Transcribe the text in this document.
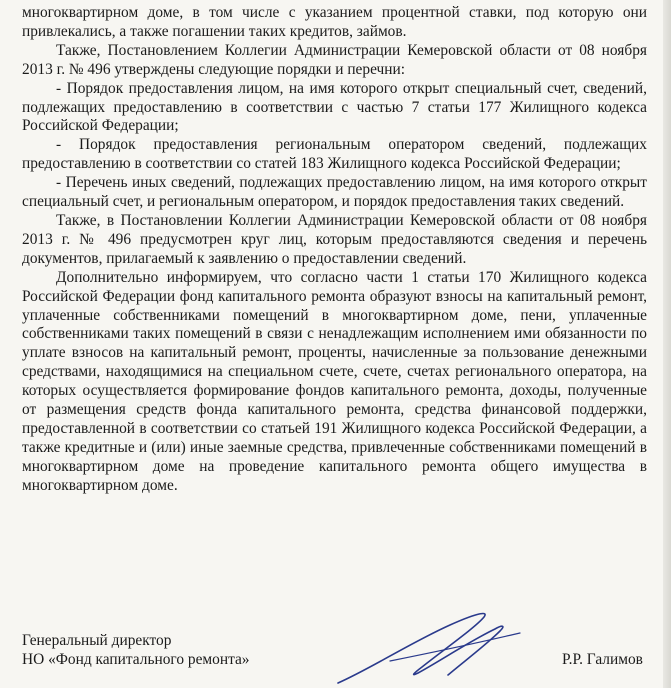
многоквартирном доме, в том числе с указанием процентной ставки, под которую они привлекались, а также погашении таких кредитов, займов.

Также, Постановлением Коллегии Администрации Кемеровской области от 08 ноября 2013 г. № 496 утверждены следующие порядки и перечни:

- Порядок предоставления лицом, на имя которого открыт специальный счет, сведений, подлежащих предоставлению в соответствии с частью 7 статьи 177 Жилищного кодекса Российской Федерации;

- Порядок предоставления региональным оператором сведений, подлежащих предоставлению в соответствии со статей 183 Жилищного кодекса Российской Федерации;

- Перечень иных сведений, подлежащих предоставлению лицом, на имя которого открыт специальный счет, и региональным оператором, и порядок предоставления таких сведений.

Также, в Постановлении Коллегии Администрации Кемеровской области от 08 ноября 2013 г. № 496 предусмотрен круг лиц, которым предоставляются сведения и перечень документов, прилагаемый к заявлению о предоставлении сведений.

Дополнительно информируем, что согласно части 1 статьи 170 Жилищного кодекса Российской Федерации фонд капитального ремонта образуют взносы на капитальный ремонт, уплаченные собственниками помещений в многоквартирном доме, пени, уплаченные собственниками таких помещений в связи с ненадлежащим исполнением ими обязанности по уплате взносов на капитальный ремонт, проценты, начисленные за пользование денежными средствами, находящимися на специальном счете, счете, счетах регионального оператора, на которых осуществляется формирование фондов капитального ремонта, доходы, полученные от размещения средств фонда капитального ремонта, средства финансовой поддержки, предоставленной в соответствии со статьей 191 Жилищного кодекса Российской Федерации, а также кредитные и (или) иные заемные средства, привлеченные собственниками помещений в многоквартирном доме на проведение капитального ремонта общего имущества в многоквартирном доме.

Генеральный директор
НО «Фонд капитального ремонта»	Р.Р. Галимов
